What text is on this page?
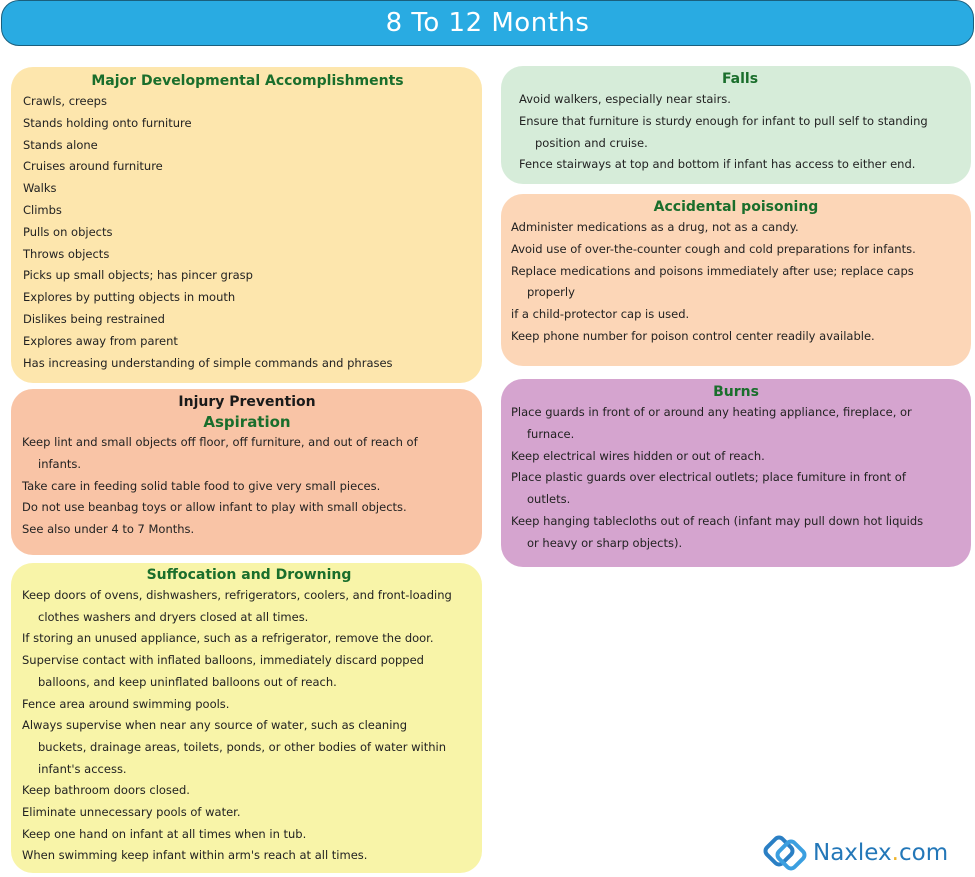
8 To 12 Months
Major Developmental Accomplishments
Crawls, creeps
Stands holding onto furniture
Stands alone
Cruises around furniture
Walks
Climbs
Pulls on objects
Throws objects
Picks up small objects; has pincer grasp
Explores by putting objects in mouth
Dislikes being restrained
Explores away from parent
Has increasing understanding of simple commands and phrases
Injury Prevention
Aspiration
Keep lint and small objects off floor, off furniture, and out of reach of
infants.
Take care in feeding solid table food to give very small pieces.
Do not use beanbag toys or allow infant to play with small objects.
See also under 4 to 7 Months.
Suffocation and Drowning
Keep doors of ovens, dishwashers, refrigerators, coolers, and front-loading
clothes washers and dryers closed at all times.
If storing an unused appliance, such as a refrigerator, remove the door.
Supervise contact with inflated balloons, immediately discard popped
balloons, and keep uninflated balloons out of reach.
Fence area around swimming pools.
Always supervise when near any source of water, such as cleaning
buckets, drainage areas, toilets, ponds, or other bodies of water within
infant's access.
Keep bathroom doors closed.
Eliminate unnecessary pools of water.
Keep one hand on infant at all times when in tub.
When swimming keep infant within arm's reach at all times.
Falls
Avoid walkers, especially near stairs.
Ensure that furniture is sturdy enough for infant to pull self to standing
position and cruise.
Fence stairways at top and bottom if infant has access to either end.
Accidental poisoning
Administer medications as a drug, not as a candy.
Avoid use of over-the-counter cough and cold preparations for infants.
Replace medications and poisons immediately after use; replace caps
properly
if a child-protector cap is used.
Keep phone number for poison control center readily available.
Burns
Place guards in front of or around any heating appliance, fireplace, or
furnace.
Keep electrical wires hidden or out of reach.
Place plastic guards over electrical outlets; place fumiture in front of
outlets.
Keep hanging tablecloths out of reach (infant may pull down hot liquids
or heavy or sharp objects).
Naxlex.com
